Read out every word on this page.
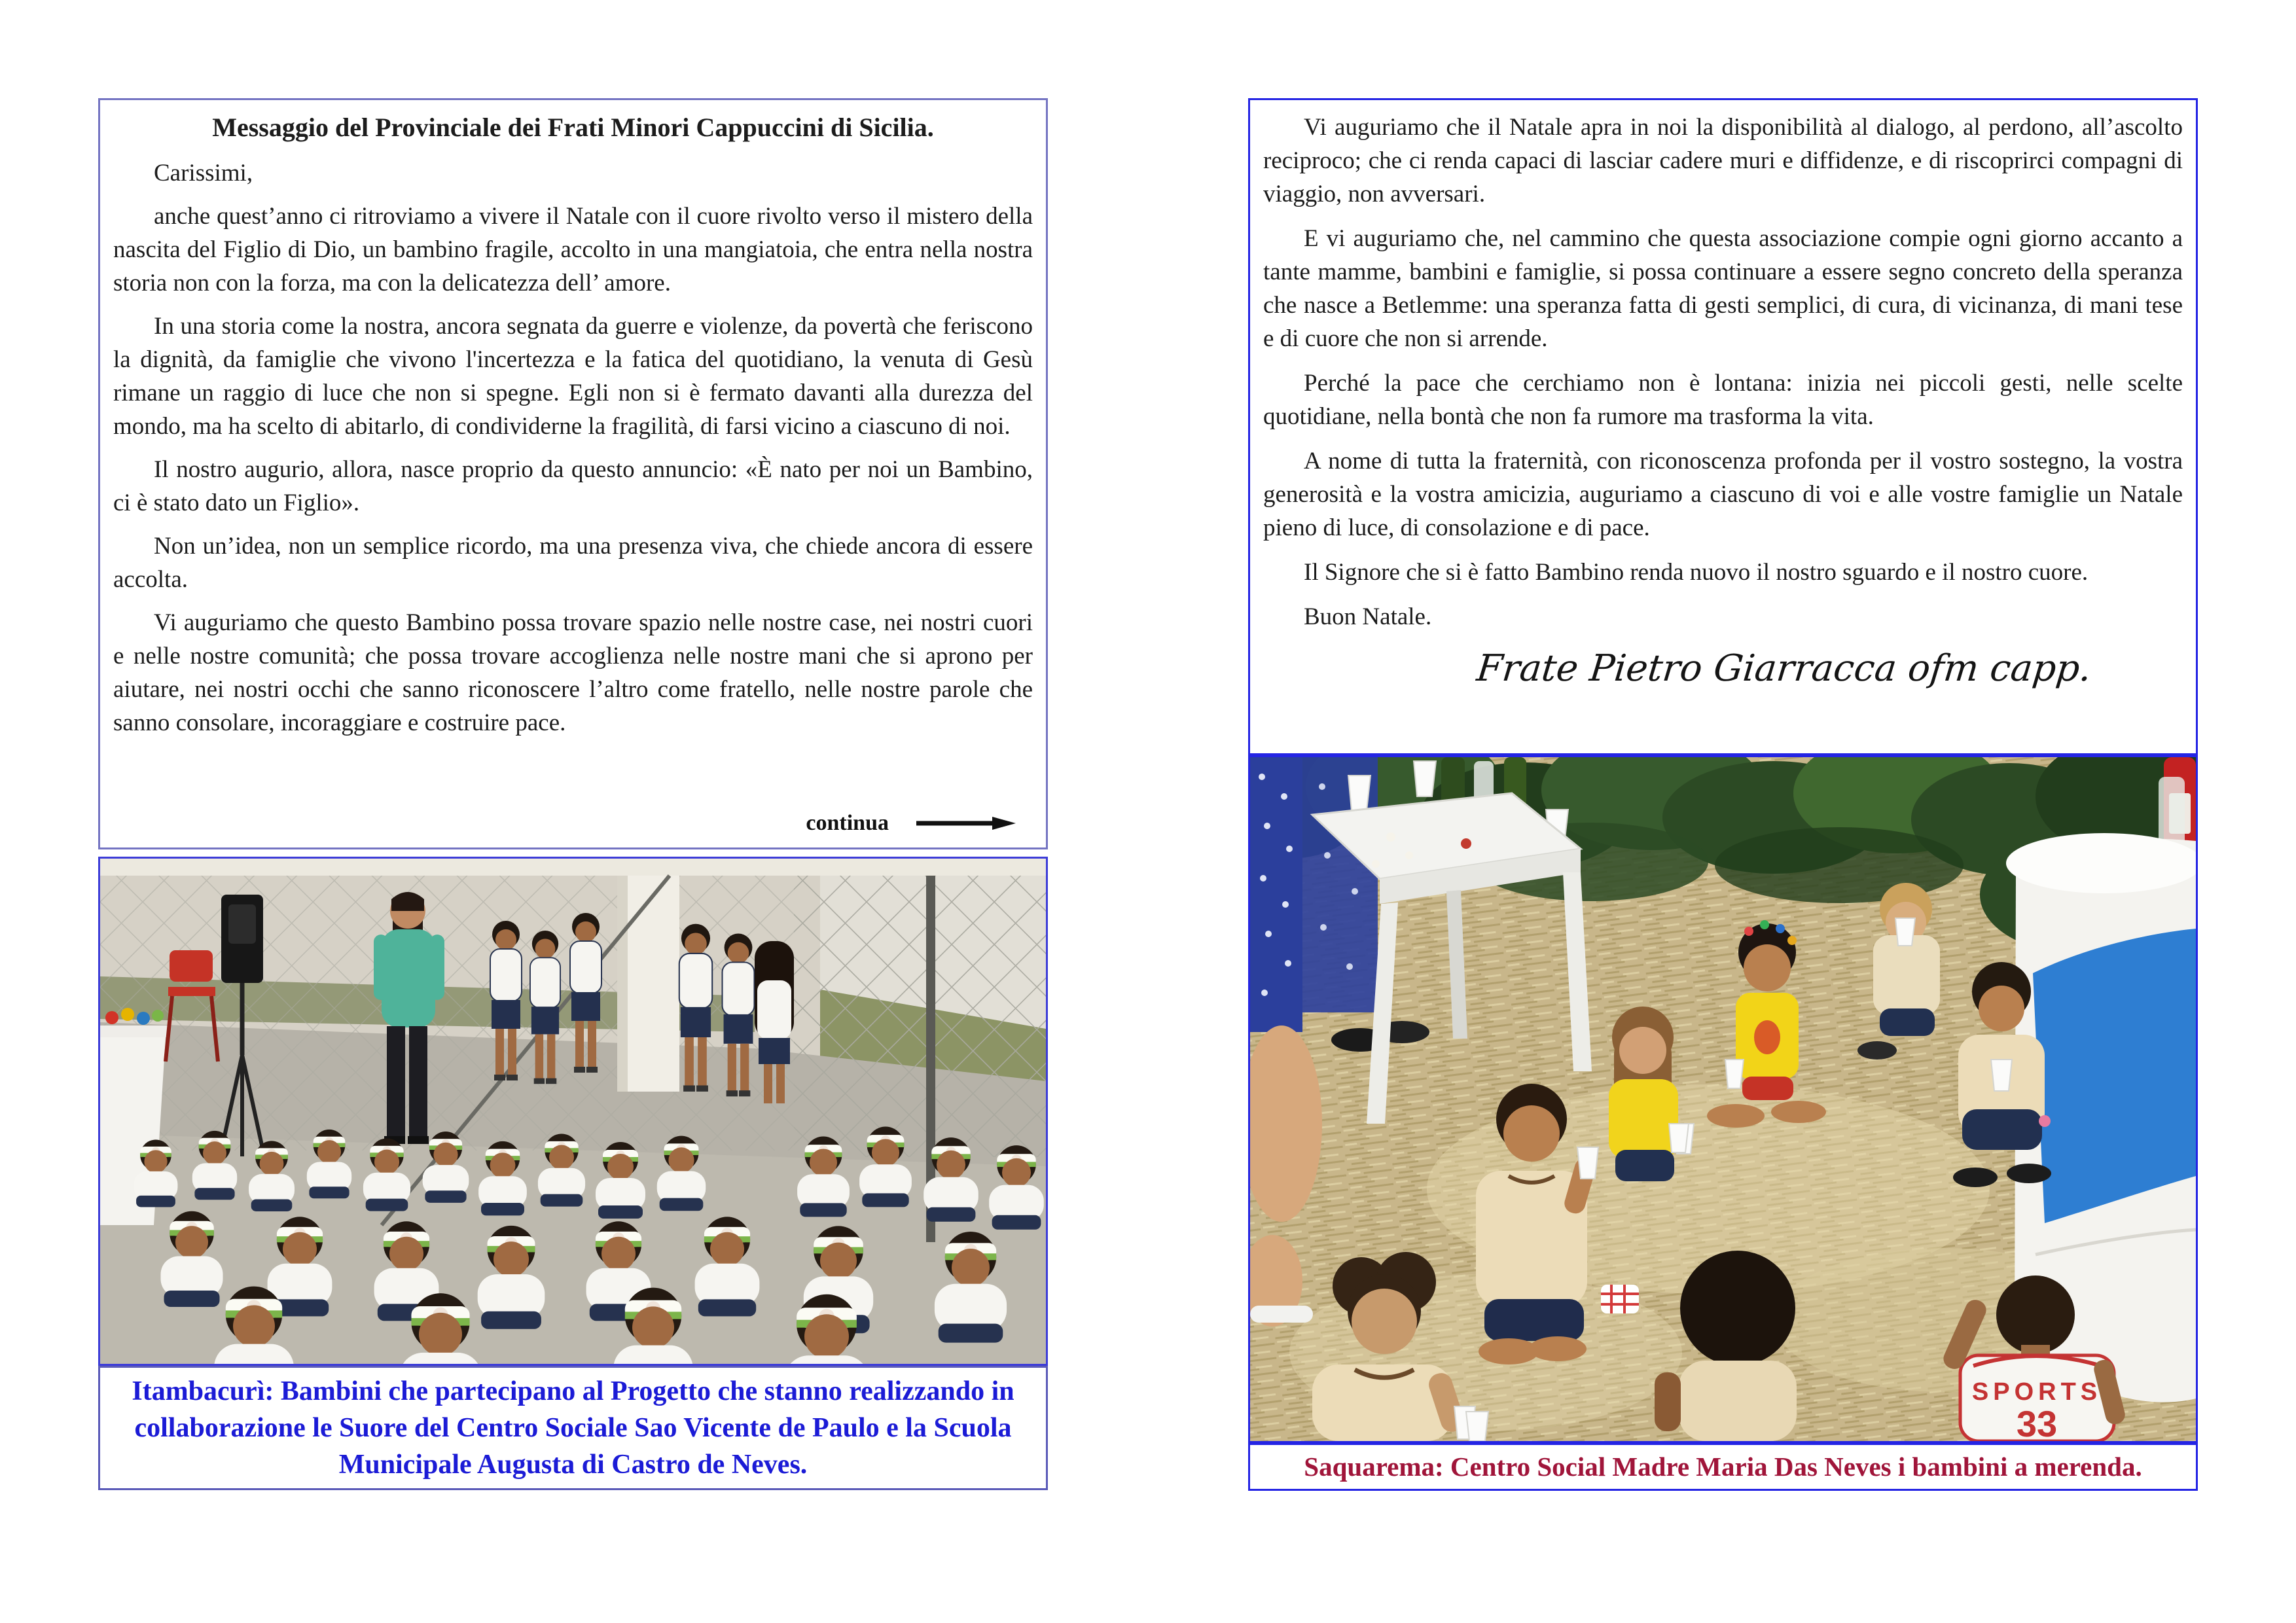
Messaggio del Provinciale dei Frati Minori Cappuccini di Sicilia.

Carissimi,

anche quest’anno ci ritroviamo a vivere il Natale con il cuore rivolto verso il mistero della nascita del Figlio di Dio, un bambino fragile, accolto in una mangiatoia, che entra nella nostra storia non con la forza, ma con la delicatezza dell’ amore.

In una storia come la nostra, ancora segnata da guerre e violenze, da povertà che feriscono la dignità, da famiglie che vivono l'incertezza e la fatica del quotidiano, la venuta di Gesù rimane un raggio di luce che non si spegne. Egli non si è fermato davanti alla durezza del mondo, ma ha scelto di abitarlo, di condividerne la fragilità, di farsi vicino a ciascuno di noi.

Il nostro augurio, allora, nasce proprio da questo annuncio: «È nato per noi un Bambino, ci è stato dato un Figlio».

Non un’idea, non un semplice ricordo, ma una presenza viva, che chiede ancora di essere accolta.

Vi auguriamo che questo Bambino possa trovare spazio nelle nostre case, nei nostri cuori e nelle nostre comunità; che possa trovare accoglienza nelle nostre mani che si aprono per aiutare, nei nostri occhi che sanno riconoscere l’altro come fratello, nelle nostre parole che sanno consolare, incoraggiare e costruire pace.

continua
Itambacurì: Bambini che partecipano al Progetto che stanno realizzando in collaborazione le Suore del Centro Sociale Sao Vicente de Paulo e la Scuola Municipale Augusta di Castro de Neves.

Vi auguriamo che il Natale apra in noi la disponibilità al dialogo, al perdono, all’ascolto reciproco; che ci renda capaci di lasciar cadere muri e diffidenze, e di riscoprirci compagni di viaggio, non avversari.

E vi auguriamo che, nel cammino che questa associazione compie ogni giorno accanto a tante mamme, bambini e famiglie, si possa continuare a essere segno concreto della speranza che nasce a Betlemme: una speranza fatta di gesti semplici, di cura, di vicinanza, di mani tese e di cuore che non si arrende.

Perché la pace che cerchiamo non è lontana: inizia nei piccoli gesti, nelle scelte quotidiane, nella bontà che non fa rumore ma trasforma la vita.

A nome di tutta la fraternità, con riconoscenza profonda per il vostro sostegno, la vostra generosità e la vostra amicizia, auguriamo a ciascuno di voi e alle vostre famiglie un Natale pieno di luce, di consolazione e di pace.

Il Signore che si è fatto Bambino renda nuovo il nostro sguardo e il nostro cuore.

Buon Natale.

Frate Pietro Giarracca ofm capp.
SPORTS
33
Saquarema: Centro Social Madre Maria Das Neves i bambini a merenda.
